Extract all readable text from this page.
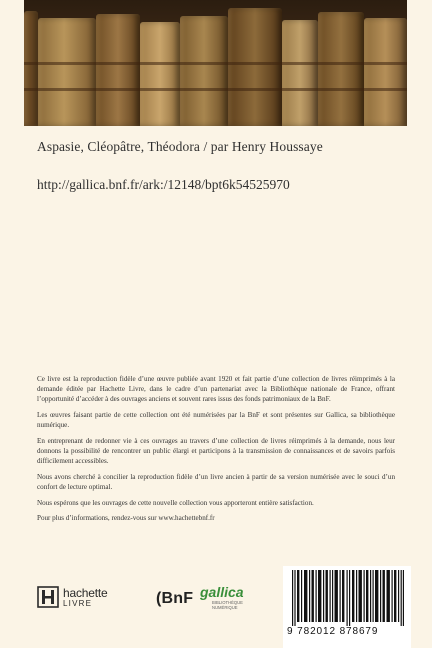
Aspasie, Cléopâtre, Théodora / par Henry Houssaye
http://gallica.bnf.fr/ark:/12148/bpt6k54525970

Ce livre est la reproduction fidèle d’une œuvre publiée avant 1920 et fait partie d’une collection de livres réimprimés à la demande éditée par Hachette Livre, dans le cadre d’un partenariat avec la Bibliothèque nationale de France, offrant l’opportunité d’accéder à des ouvrages anciens et souvent rares issus des fonds patrimoniaux de la BnF.

Les œuvres faisant partie de cette collection ont été numérisées par la BnF et sont présentes sur Gallica, sa bibliothèque numérique.

En entreprenant de redonner vie à ces ouvrages au travers d’une collection de livres réimprimés à la demande, nous leur donnons la possibilité de rencontrer un public élargi et participons à la transmission de connaissances et de savoirs parfois difficilement accessibles.

Nous avons cherché à concilier la reproduction fidèle d’un livre ancien à partir de sa version numérisée avec le souci d’un confort de lecture optimal.

Nous espérons que les ouvrages de cette nouvelle collection vous apporteront entière satisfaction.

Pour plus d’informations, rendez-vous sur www.hachettebnf.fr

hachette
LIVRE	(BnF gallica
BIBLIOTHÈQUE
NUMÉRIQUE
9 782012 878679
